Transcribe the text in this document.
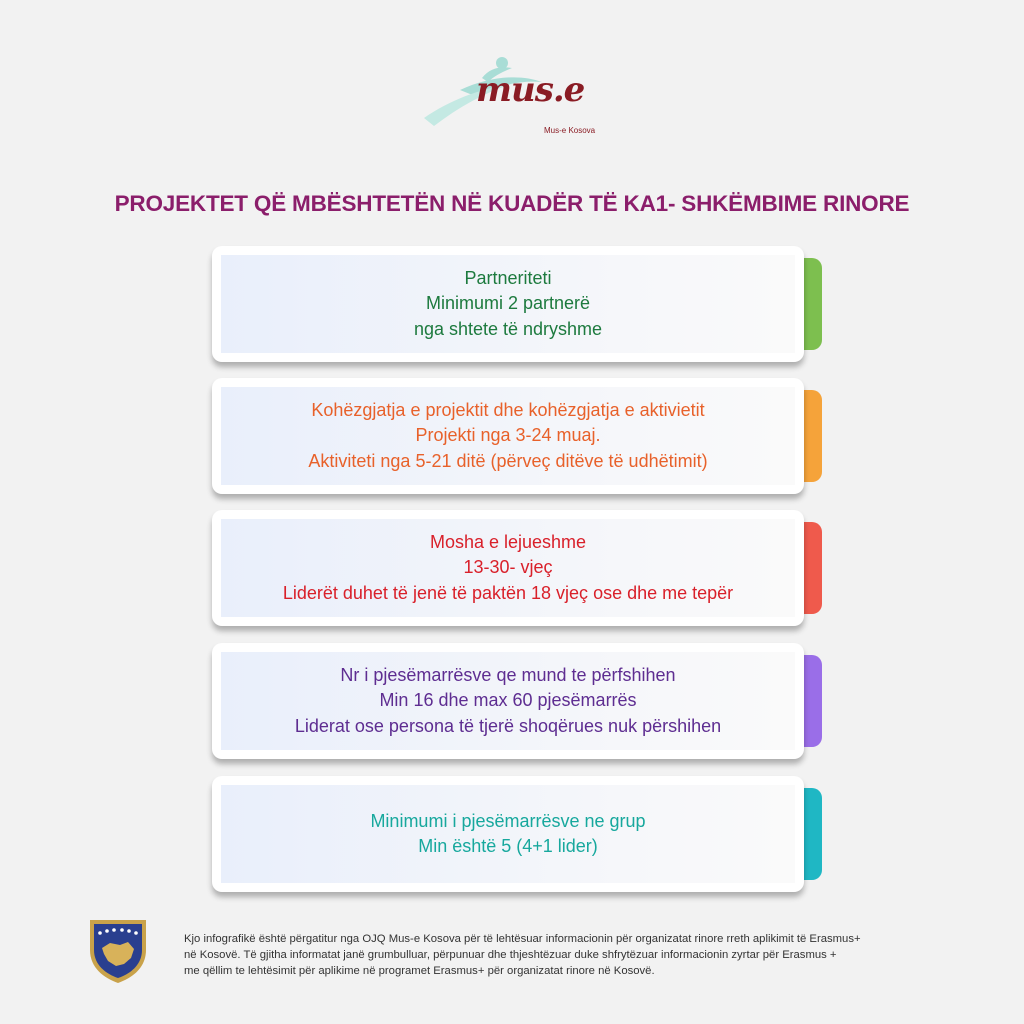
mus.e
Mus-e Kosova
PROJEKTET QË MBËSHTETËN NË KUADËR TË KA1- SHKËMBIME RINORE
Partneriteti
Minimumi 2 partnerë
nga shtete të ndryshme
Kohëzgjatja e projektit dhe kohëzgjatja e aktivietit
Projekti nga 3-24 muaj.
Aktiviteti nga 5-21 ditë (përveç ditëve të udhëtimit)
Mosha e lejueshme
13-30- vjeç
Liderët duhet të jenë të paktën 18 vjeç ose dhe me tepër
Nr i pjesëmarrësve qe mund te përfshihen
Min 16 dhe max 60 pjesëmarrës
Liderat ose persona të tjerë shoqërues nuk përshihen
Minimumi i pjesëmarrësve ne grup
Min është 5 (4+1 lider)
Kjo infografikë është përgatitur nga OJQ Mus-e Kosova për të lehtësuar informacionin për organizatat rinore rreth aplikimit të Erasmus+
në Kosovë. Të gjitha informatat janë grumbulluar, përpunuar dhe thjeshtëzuar duke shfrytëzuar informacionin zyrtar për Erasmus +
me qëllim te lehtësimit për aplikime në programet Erasmus+ për organizatat rinore në Kosovë.
